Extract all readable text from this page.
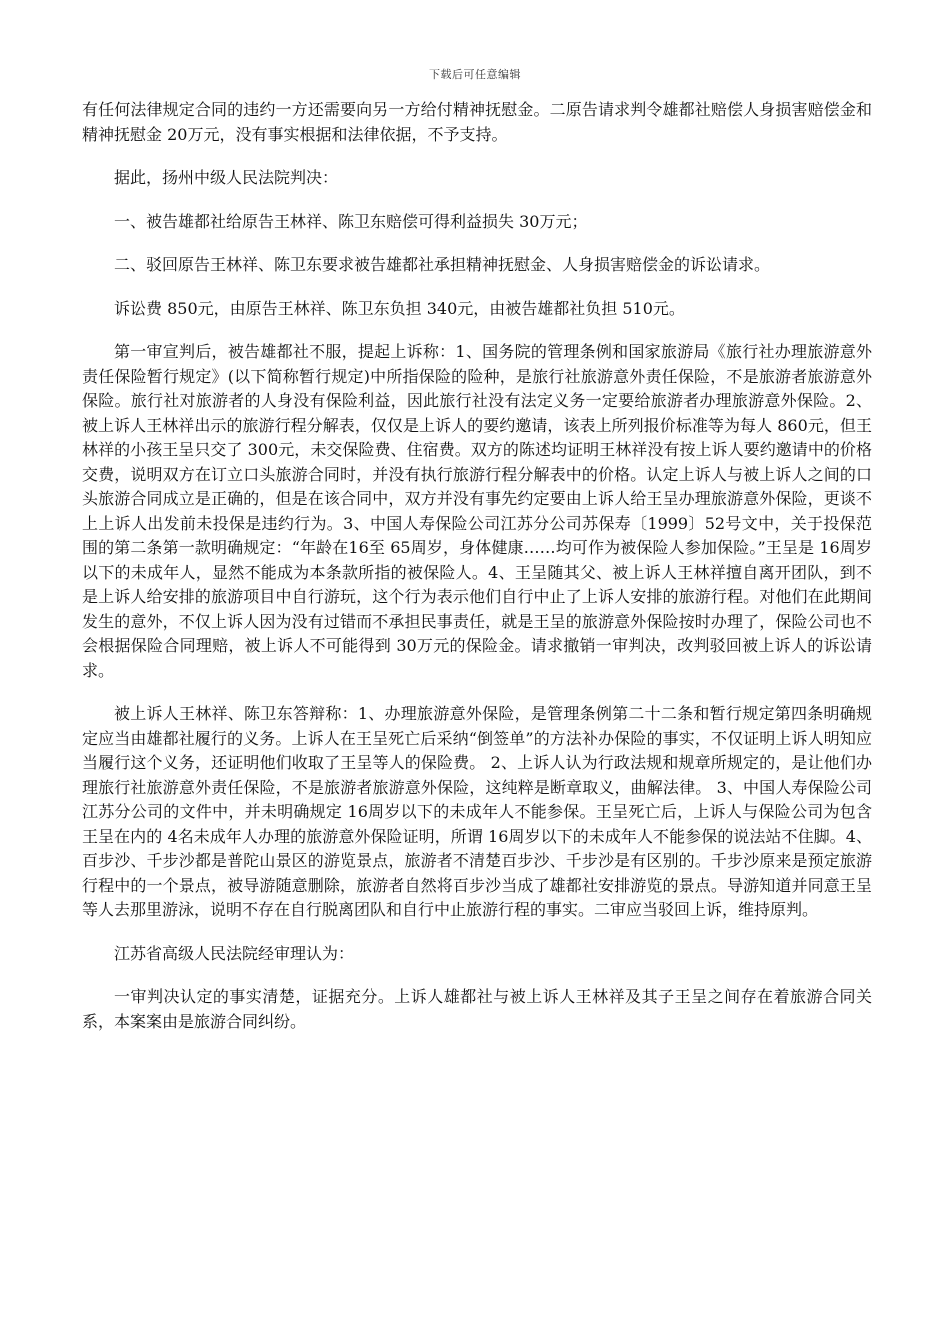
下载后可任意编辑

有任何法律规定合同的违约一方还需要向另一方给付精神抚慰金。二原告请求判令雄都社赔偿人身损害赔偿金和精神抚慰金 20万元，没有事实根据和法律依据，不予支持。

据此，扬州中级人民法院判决：

一、被告雄都社给原告王林祥、陈卫东赔偿可得利益损失 30万元；

二、驳回原告王林祥、陈卫东要求被告雄都社承担精神抚慰金、人身损害赔偿金的诉讼请求。

诉讼费 850元，由原告王林祥、陈卫东负担 340元，由被告雄都社负担 510元。

第一审宣判后，被告雄都社不服，提起上诉称：1、国务院的管理条例和国家旅游局《旅行社办理旅游意外责任保险暂行规定》(以下简称暂行规定)中所指保险的险种，是旅行社旅游意外责任保险，不是旅游者旅游意外保险。旅行社对旅游者的人身没有保险利益，因此旅行社没有法定义务一定要给旅游者办理旅游意外保险。2、被上诉人王林祥出示的旅游行程分解表，仅仅是上诉人的要约邀请，该表上所列报价标准等为每人 860元，但王林祥的小孩王呈只交了 300元，未交保险费、住宿费。双方的陈述均证明王林祥没有按上诉人要约邀请中的价格交费，说明双方在订立口头旅游合同时，并没有执行旅游行程分解表中的价格。认定上诉人与被上诉人之间的口头旅游合同成立是正确的，但是在该合同中，双方并没有事先约定要由上诉人给王呈办理旅游意外保险，更谈不上上诉人出发前未投保是违约行为。3、中国人寿保险公司江苏分公司苏保寿〔1999〕52号文中，关于投保范围的第二条第一款明确规定：“年龄在16至 65周岁，身体健康……均可作为被保险人参加保险。”王呈是 16周岁以下的未成年人，显然不能成为本条款所指的被保险人。4、王呈随其父、被上诉人王林祥擅自离开团队，到不是上诉人给安排的旅游项目中自行游玩，这个行为表示他们自行中止了上诉人安排的旅游行程。对他们在此期间发生的意外，不仅上诉人因为没有过错而不承担民事责任，就是王呈的旅游意外保险按时办理了，保险公司也不会根据保险合同理赔，被上诉人不可能得到 30万元的保险金。请求撤销一审判决，改判驳回被上诉人的诉讼请求。

被上诉人王林祥、陈卫东答辩称：1、办理旅游意外保险，是管理条例第二十二条和暂行规定第四条明确规定应当由雄都社履行的义务。上诉人在王呈死亡后采纳“倒签单”的方法补办保险的事实，不仅证明上诉人明知应当履行这个义务，还证明他们收取了王呈等人的保险费。 2、上诉人认为行政法规和规章所规定的，是让他们办理旅行社旅游意外责任保险，不是旅游者旅游意外保险，这纯粹是断章取义，曲解法律。 3、中国人寿保险公司江苏分公司的文件中，并未明确规定 16周岁以下的未成年人不能参保。王呈死亡后，上诉人与保险公司为包含王呈在内的 4名未成年人办理的旅游意外保险证明，所谓 16周岁以下的未成年人不能参保的说法站不住脚。4、百步沙、千步沙都是普陀山景区的游览景点，旅游者不清楚百步沙、千步沙是有区别的。千步沙原来是预定旅游行程中的一个景点，被导游随意删除，旅游者自然将百步沙当成了雄都社安排游览的景点。导游知道并同意王呈等人去那里游泳，说明不存在自行脱离团队和自行中止旅游行程的事实。二审应当驳回上诉，维持原判。

江苏省高级人民法院经审理认为：

一审判决认定的事实清楚，证据充分。上诉人雄都社与被上诉人王林祥及其子王呈之间存在着旅游合同关系，本案案由是旅游合同纠纷。
